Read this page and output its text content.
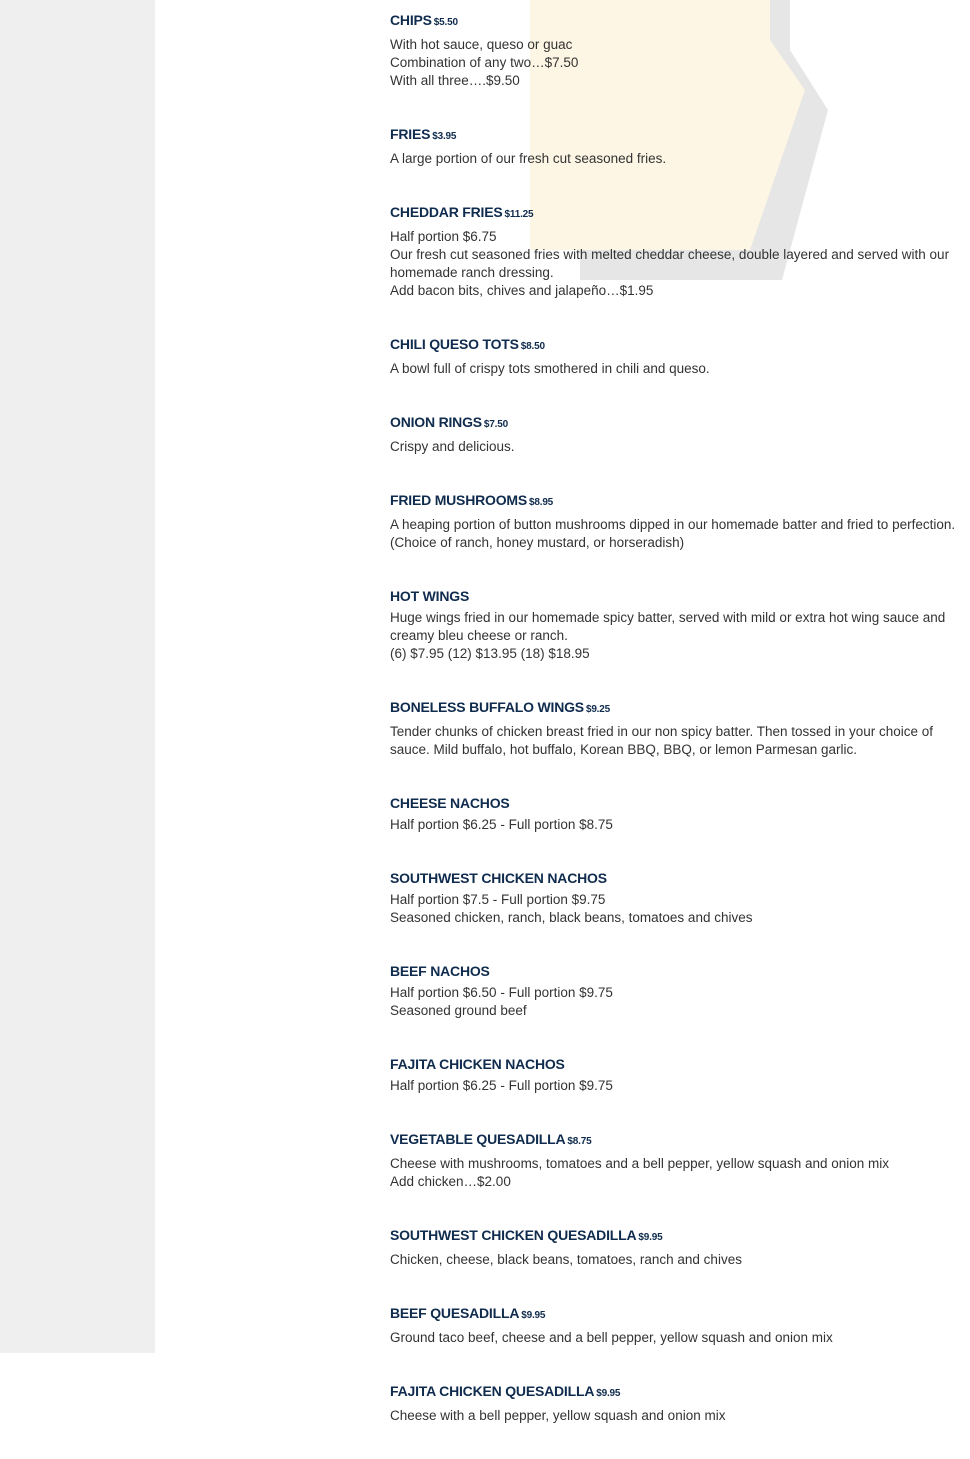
CHIPS $5.50
With hot sauce, queso or guac
Combination of any two…$7.50
With all three….$9.50
FRIES $3.95
A large portion of our fresh cut seasoned fries.
CHEDDAR FRIES $11.25
Half portion $6.75
Our fresh cut seasoned fries with melted cheddar cheese, double layered and served with our homemade ranch dressing.
Add bacon bits, chives and jalapeño…$1.95
CHILI QUESO TOTS $8.50
A bowl full of crispy tots smothered in chili and queso.
ONION RINGS $7.50
Crispy and delicious.
FRIED MUSHROOMS $8.95
A heaping portion of button mushrooms dipped in our homemade batter and fried to perfection. (Choice of ranch, honey mustard, or horseradish)
HOT WINGS
Huge wings fried in our homemade spicy batter, served with mild or extra hot wing sauce and creamy bleu cheese or ranch.
(6) $7.95 (12) $13.95 (18) $18.95
BONELESS BUFFALO WINGS $9.25
Tender chunks of chicken breast fried in our non spicy batter. Then tossed in your choice of sauce. Mild buffalo, hot buffalo, Korean BBQ, BBQ, or lemon Parmesan garlic.
CHEESE NACHOS
Half portion $6.25 - Full portion $8.75
SOUTHWEST CHICKEN NACHOS
Half portion $7.5 - Full portion $9.75
Seasoned chicken, ranch, black beans, tomatoes and chives
BEEF NACHOS
Half portion $6.50 - Full portion $9.75
Seasoned ground beef
FAJITA CHICKEN NACHOS
Half portion $6.25 - Full portion $9.75
VEGETABLE QUESADILLA $8.75
Cheese with mushrooms, tomatoes and a bell pepper, yellow squash and onion mix
Add chicken…$2.00
SOUTHWEST CHICKEN QUESADILLA $9.95
Chicken, cheese, black beans, tomatoes, ranch and chives
BEEF QUESADILLA $9.95
Ground taco beef, cheese and a bell pepper, yellow squash and onion mix
FAJITA CHICKEN QUESADILLA $9.95
Cheese with a bell pepper, yellow squash and onion mix
